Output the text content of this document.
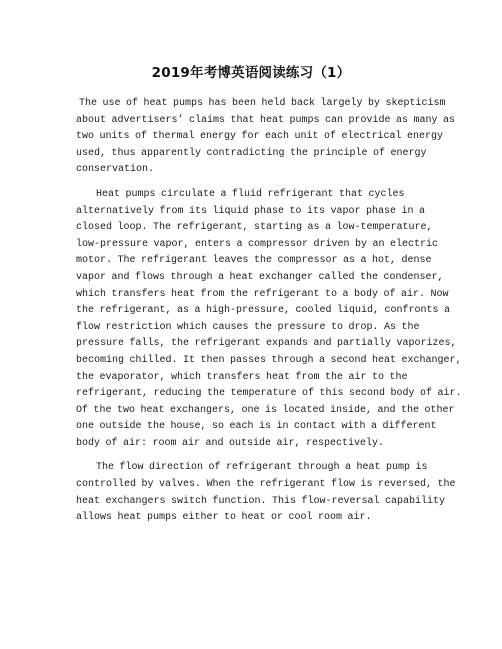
2019年考博英语阅读练习（1）

The use of heat pumps has been held back largely by skepticism about advertisers’ claims that heat pumps can provide as many as two units of thermal energy for each unit of electrical energy used, thus apparently contradicting the principle of energy conservation.

Heat pumps circulate a fluid refrigerant that cycles alternatively from its liquid phase to its vapor phase in a closed loop. The refrigerant, starting as a low-temperature, low-pressure vapor, enters a compressor driven by an electric motor. The refrigerant leaves the compressor as a hot, dense vapor and flows through a heat exchanger called the condenser, which transfers heat from the refrigerant to a body of air. Now the refrigerant, as a high-pressure, cooled liquid, confronts a flow restriction which causes the pressure to drop. As the pressure falls, the refrigerant expands and partially vaporizes, becoming chilled. It then passes through a second heat exchanger, the evaporator, which transfers heat from the air to the refrigerant, reducing the temperature of this second body of air. Of the two heat exchangers, one is located inside, and the other one outside the house, so each is in contact with a different body of air: room air and outside air, respectively.

The flow direction of refrigerant through a heat pump is controlled by valves. When the refrigerant flow is reversed, the heat exchangers switch function. This flow-reversal capability allows heat pumps either to heat or cool room air.
